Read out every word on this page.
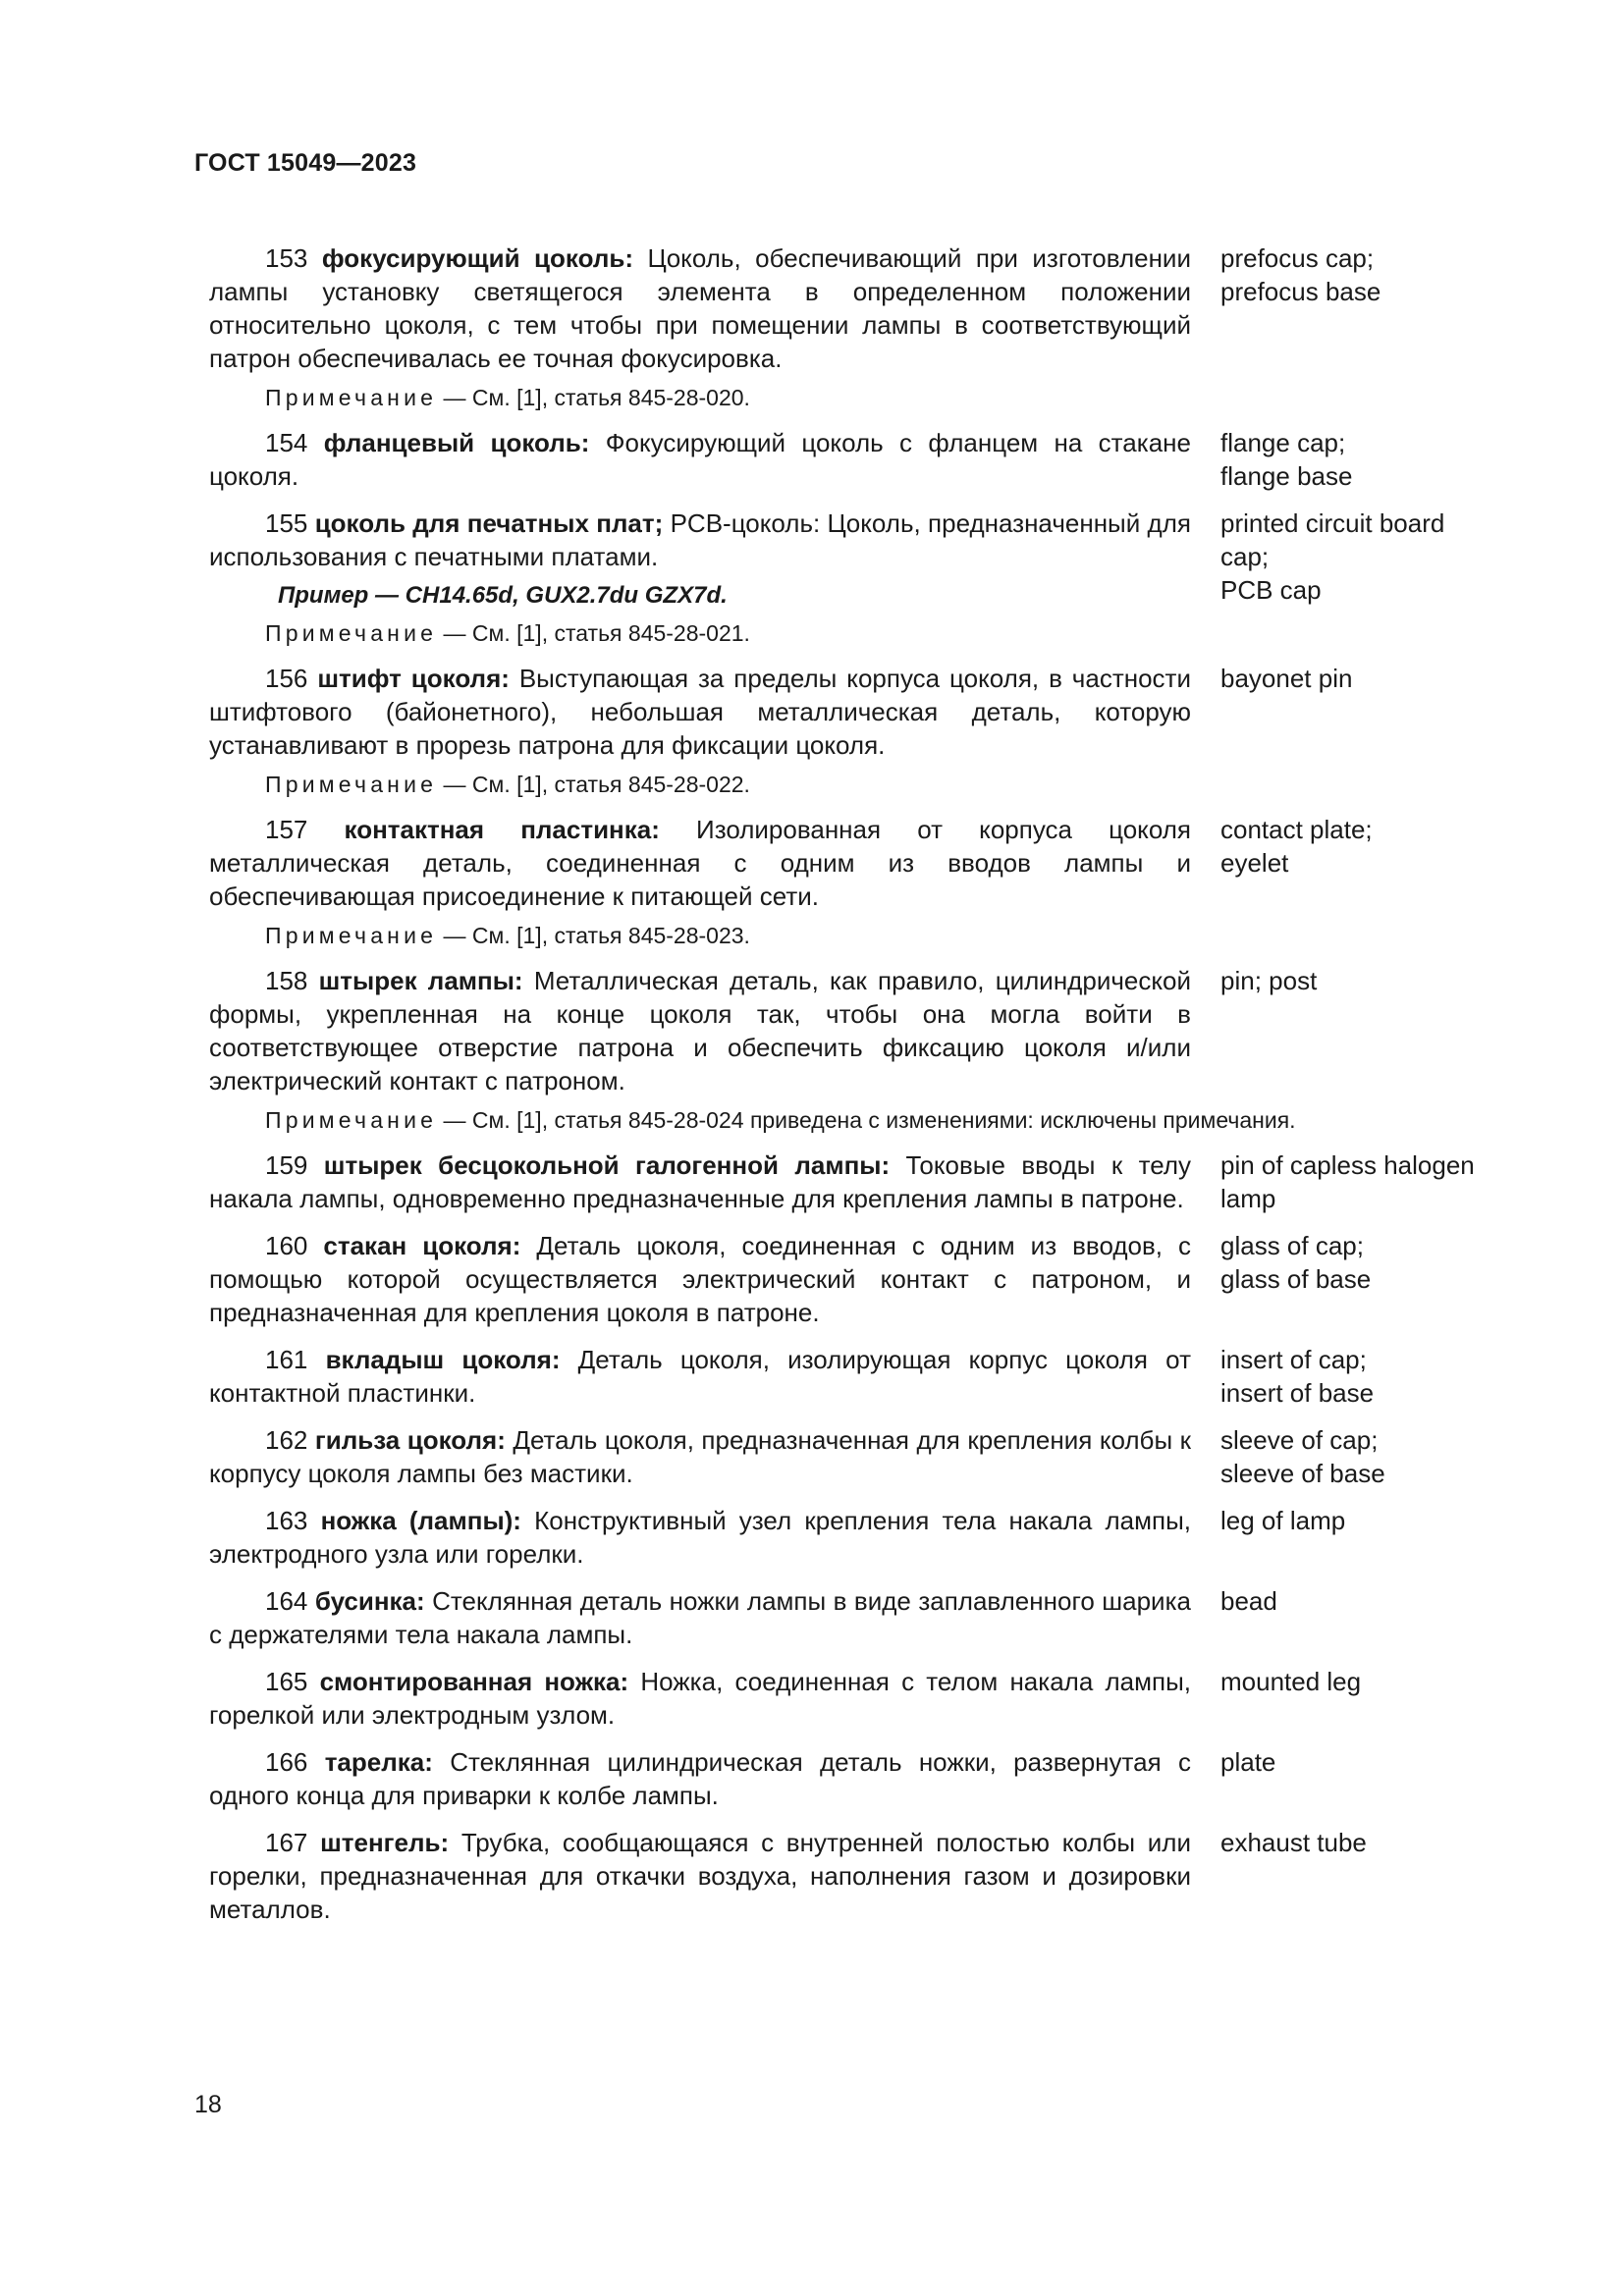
ГОСТ 15049—2023
153 фокусирующий цоколь: Цоколь, обеспечивающий при изготовлении лампы установку светящегося элемента в определенном положении относительно цоколя, с тем чтобы при помещении лампы в соответствующий патрон обеспечивалась ее точная фокусировка.
prefocus cap;
prefocus base
Примечание — См. [1], статья 845-28-020.
154 фланцевый цоколь: Фокусирующий цоколь с фланцем на стакане цоколя.
flange cap;
flange base
155 цоколь для печатных плат; PCB-цоколь: Цоколь, предназначенный для использования с печатными платами.
Пример — CH14.65d, GUX2.7du GZX7d.
printed circuit board
cap;
PCB cap
Примечание — См. [1], статья 845-28-021.
156 штифт цоколя: Выступающая за пределы корпуса цоколя, в частности штифтового (байонетного), небольшая металлическая деталь, которую устанавливают в прорезь патрона для фиксации цоколя.
bayonet pin
Примечание — См. [1], статья 845-28-022.
157 контактная пластинка: Изолированная от корпуса цоколя металлическая деталь, соединенная с одним из вводов лампы и обеспечивающая присоединение к питающей сети.
contact plate;
eyelet
Примечание — См. [1], статья 845-28-023.
158 штырек лампы: Металлическая деталь, как правило, цилиндрической формы, укрепленная на конце цоколя так, чтобы она могла войти в соответствующее отверстие патрона и обеспечить фиксацию цоколя и/или электрический контакт с патроном.
pin; post
Примечание — См. [1], статья 845-28-024 приведена с изменениями: исключены примечания.
159 штырек бесцокольной галогенной лампы: Токовые вводы к телу накала лампы, одновременно предназначенные для крепления лампы в патроне.
pin of capless halogen
lamp
160 стакан цоколя: Деталь цоколя, соединенная с одним из вводов, с помощью которой осуществляется электрический контакт с патроном, и предназначенная для крепления цоколя в патроне.
glass of cap;
glass of base
161 вкладыш цоколя: Деталь цоколя, изолирующая корпус цоколя от контактной пластинки.
insert of cap;
insert of base
162 гильза цоколя: Деталь цоколя, предназначенная для крепления колбы к корпусу цоколя лампы без мастики.
sleeve of cap;
sleeve of base
163 ножка (лампы): Конструктивный узел крепления тела накала лампы, электродного узла или горелки.
leg of lamp
164 бусинка: Стеклянная деталь ножки лампы в виде заплавленного шарика с держателями тела накала лампы.
bead
165 смонтированная ножка: Ножка, соединенная с телом накала лампы, горелкой или электродным узлом.
mounted leg
166 тарелка: Стеклянная цилиндрическая деталь ножки, развернутая с одного конца для приварки к колбе лампы.
plate
167 штенгель: Трубка, сообщающаяся с внутренней полостью колбы или горелки, предназначенная для откачки воздуха, наполнения газом и дозировки металлов.
exhaust tube
18
